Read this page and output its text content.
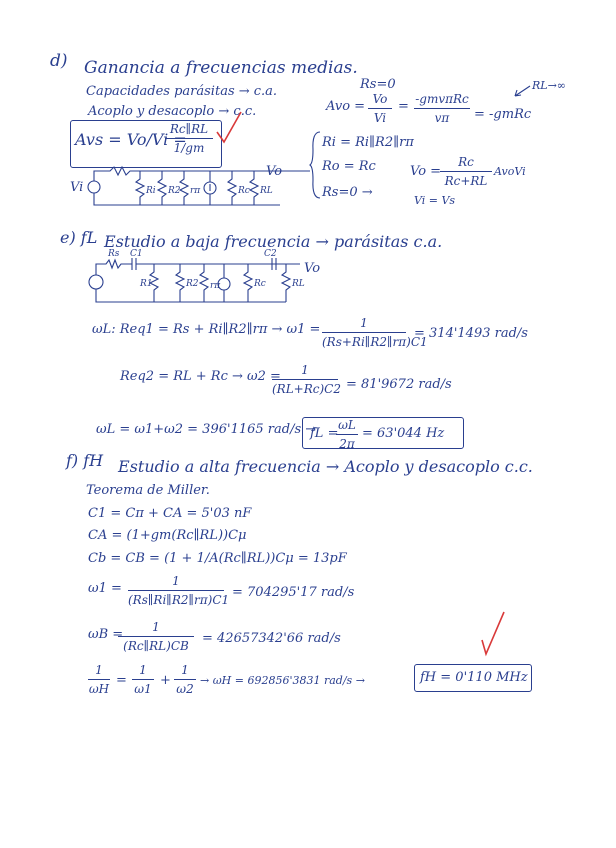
d) Ganancia a frecuencias medias.
Rs=0
Capacidades parásitas → c.a.
Acoplo y desacoplo → c.c.
Avs = Vo/Vi =
Rc∥RL
1/gm
Avo = Vo
Vi
= -gmvπRc
vπ	= -gmRc
RL→∞
Ri = Ri∥R2∥rπ
Ro = Rc
Rs=0 →
Vo =
Rc
Rc+RL
AvoVi
Vi = Vs
Ri R2 rπ	Rc RL
Vo
Vi
e) fL Estudio a baja frecuencia → parásitas c.a.
Rs C1	C2
R1	R2 rπ	Rc	RL
Vo
ωL: Req1 = Rs + Ri∥R2∥rπ → ω1 =	1
(Rs+Ri∥R2∥rπ)C1
= 314'1493 rad/s
Req2 = RL + Rc → ω2 =	1
(RL+Rc)C2 = 81'9672 rad/s
ωL = ω1+ω2 = 396'1165 rad/s →
fL =
ωL
2π
= 63'044 Hz
f) fH Estudio a alta frecuencia → Acoplo y desacoplo c.c.
Teorema de Miller.
C1 = Cπ + CA = 5'03 nF
CA = (1+gm(Rc∥RL))Cμ
Cb = CB = (1 + 1/A(Rc∥RL))Cμ = 13pF
ω1 =	1
(Rs∥Ri∥R2∥rπ)C1
= 704295'17 rad/s
ωB =	1
(Rc∥RL)CB
= 42657342'66 rad/s
1
ωH
=
1
ω1
+
1
ω2
→ ωH = 692856'3831 rad/s →	fH = 0'110 MHz
